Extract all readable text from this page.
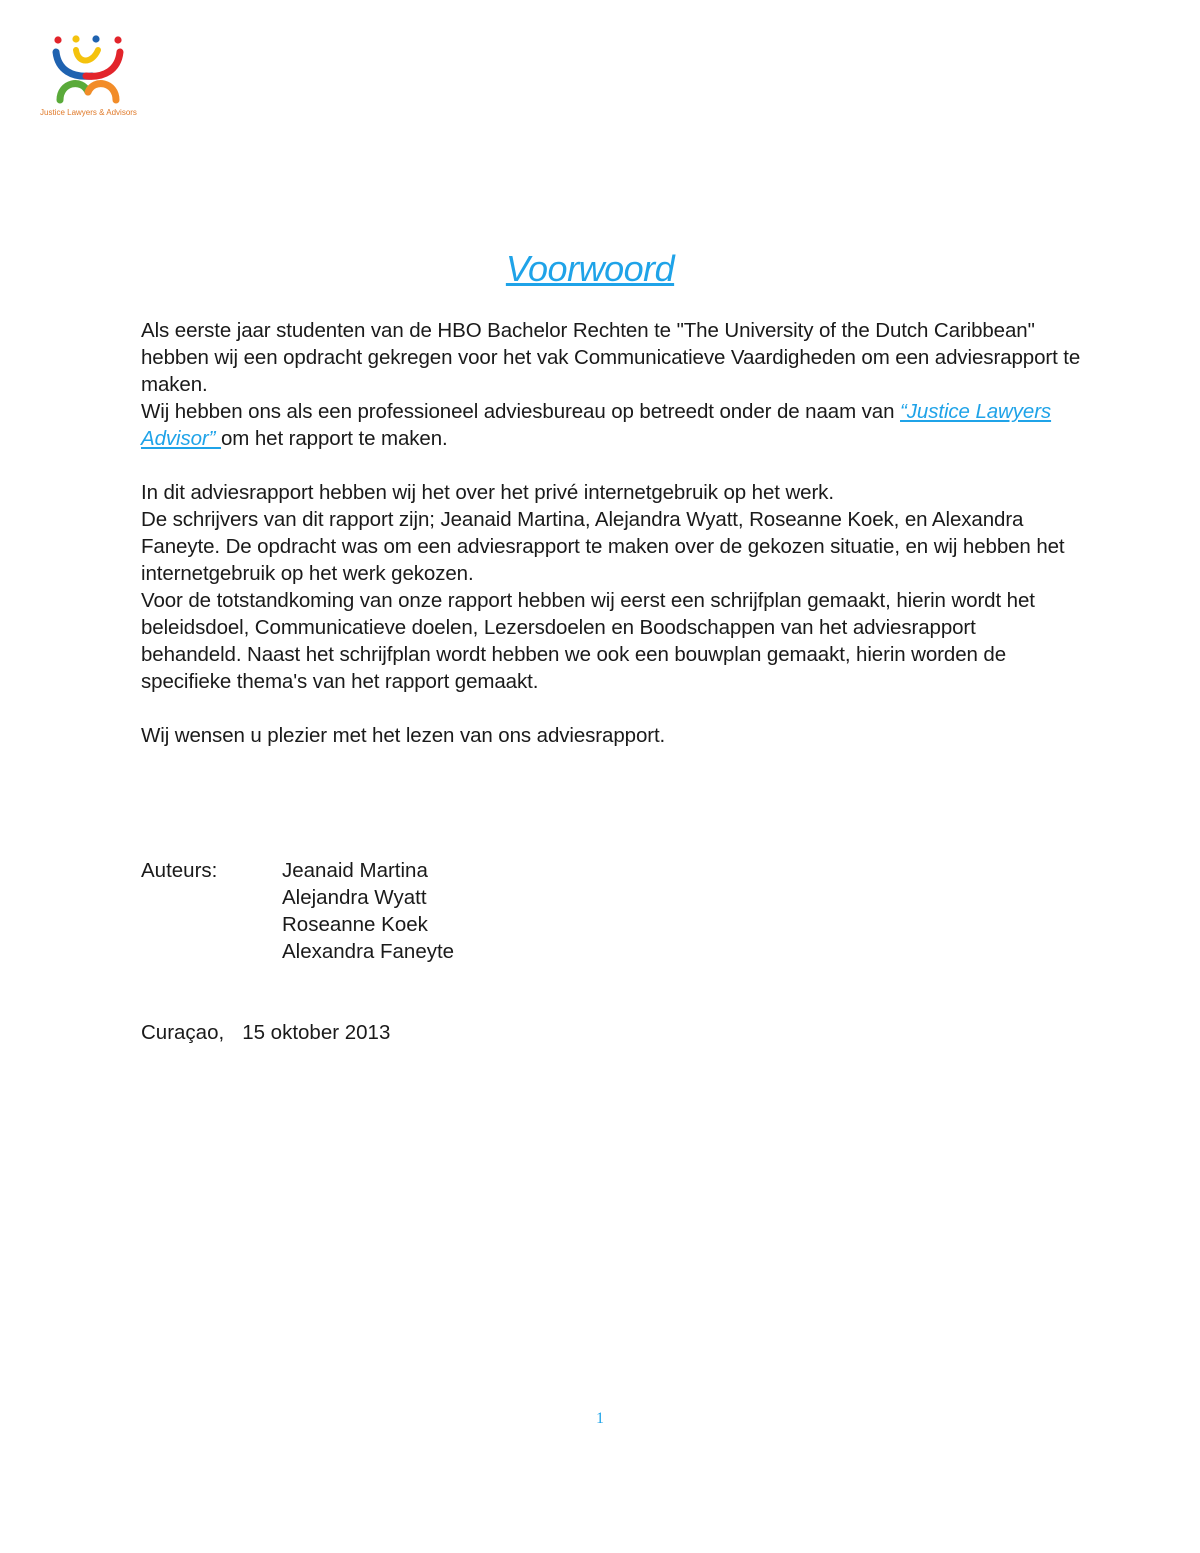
Justice Lawyers & Advisors
Voorwoord

Als eerste jaar studenten van de HBO Bachelor Rechten te "The University of the Dutch Caribbean" hebben wij een opdracht gekregen voor het vak Communicatieve Vaardigheden om een adviesrapport te maken.

Wij hebben ons als een professioneel adviesbureau op betreedt onder de naam van “Justice Lawyers Advisor” om het rapport te maken.

In dit adviesrapport hebben wij het over het privé internetgebruik op het werk.

De schrijvers van dit rapport zijn; Jeanaid Martina, Alejandra Wyatt, Roseanne Koek, en Alexandra Faneyte. De opdracht was om een adviesrapport te maken over de gekozen situatie, en wij hebben het internetgebruik op het werk gekozen.

Voor de totstandkoming van onze rapport hebben wij eerst een schrijfplan gemaakt, hierin wordt het beleidsdoel, Communicatieve doelen, Lezersdoelen en Boodschappen van het adviesrapport behandeld. Naast het schrijfplan wordt hebben we ook een bouwplan gemaakt, hierin worden de specifieke thema's van het rapport gemaakt.

Wij wensen u plezier met het lezen van ons adviesrapport.

Auteurs:	Jeanaid Martina
Alejandra Wyatt
Roseanne Koek
Alexandra Faneyte
Curaçao, 15 oktober 2013
1
